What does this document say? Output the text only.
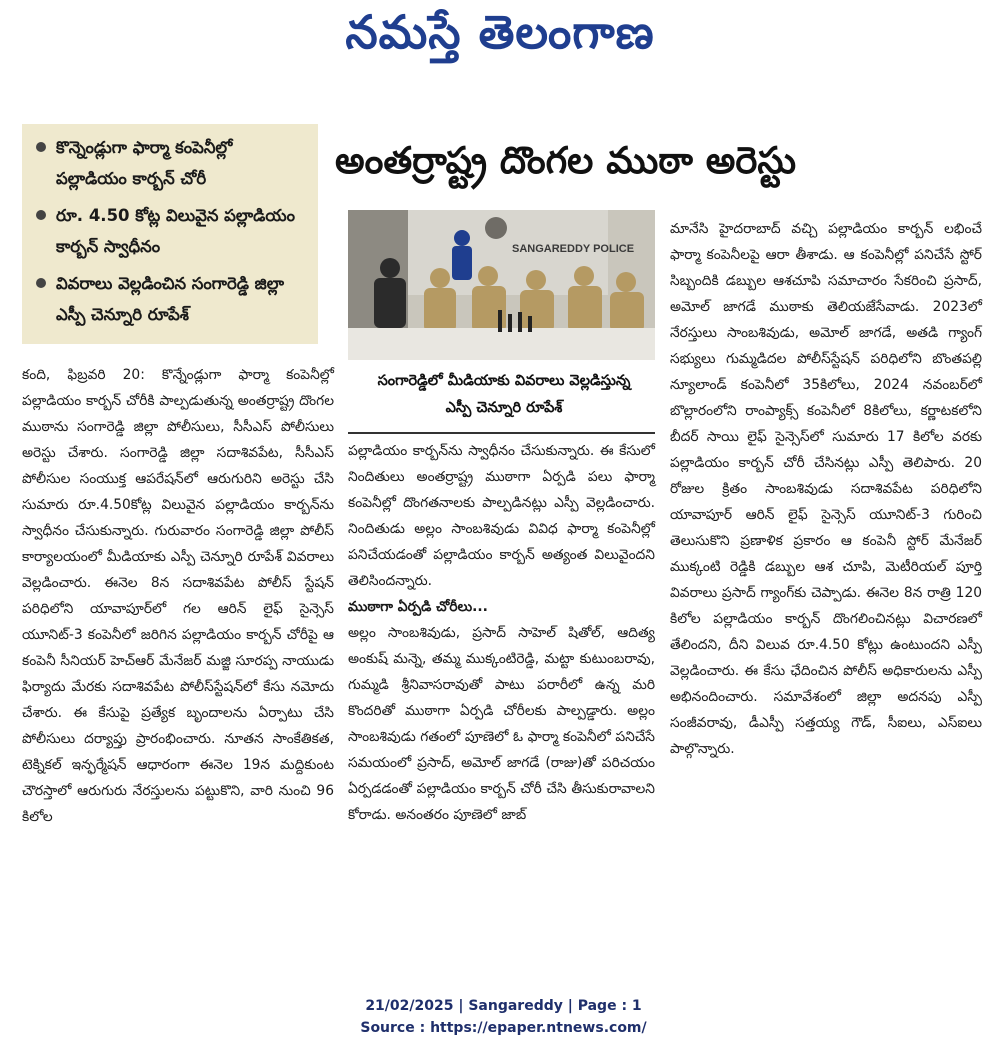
నమస్తే తెలంగాణ
కొన్నెండ్లుగా ఫార్మా కంపెనీల్లో పల్లాడియం కార్బన్ చోరీ
రూ. 4.50 కోట్ల విలువైన పల్లాడియం కార్బన్ స్వాధీనం
వివరాలు వెల్లడించిన సంగారెడ్డి జిల్లా ఎస్పీ చెన్నూరి రూపేశ్
అంతర్రాష్ట్ర దొంగల ముఠా అరెస్టు
SANGAREDDY POLICE
సంగారెడ్డిలో మీడియాకు వివరాలు వెల్లడిస్తున్న ఎస్పీ చెన్నూరి రూపేశ్

కంది, ఫిబ్రవరి 20: కొన్నేండ్లుగా ఫార్మా కంపెనీల్లో పల్లాడియం కార్బన్ చోరీకి పాల్పడుతున్న అంతర్రాష్ట్ర దొంగల ముఠాను సంగారెడ్డి జిల్లా పోలీసులు, సీసీఎస్ పోలీసులు అరెస్టు చేశారు. సంగారెడ్డి జిల్లా సదాశివపేట, సీసీఎస్ పోలీసుల సంయుక్త ఆపరేషన్‌లో ఆరుగురిని అరెస్టు చేసి సుమారు రూ.4.50కోట్ల విలువైన పల్లాడియం కార్బన్‌ను స్వాధీనం చేసుకున్నారు. గురువారం సంగారెడ్డి జిల్లా పోలీస్ కార్యాలయంలో మీడియాకు ఎస్పీ చెన్నూరి రూపేశ్ వివరాలు వెల్లడించారు. ఈనెల 8న సదాశివపేట పోలీస్ స్టేషన్ పరిధిలోని యావాపూర్‌లో గల ఆరిన్ లైఫ్ సైన్సెస్ యూనిట్-3 కంపెనీలో జరిగిన పల్లాడియం కార్బన్ చోరీపై ఆ కంపెనీ సీనియర్ హెచ్‌ఆర్ మేనేజర్ మజ్జి సూరప్ప నాయుడు ఫిర్యాదు మేరకు సదాశివపేట పోలీస్‌స్టేషన్‌లో కేసు నమోదు చేశారు. ఈ కేసుపై ప్రత్యేక బృందాలను ఏర్పాటు చేసి పోలీసులు దర్యాప్తు ప్రారంభించారు. నూతన సాంకేతికత, టెక్నికల్ ఇన్ఫర్మేషన్ ఆధారంగా ఈనెల 19న మద్దికుంట చౌరస్తాలో ఆరుగురు నేరస్తులను పట్టుకొని, వారి నుంచి 96 కిలోల

పల్లాడియం కార్బన్‌ను స్వాధీనం చేసుకున్నారు. ఈ కేసులో నిందితులు అంతర్రాష్ట్ర ముఠాగా ఏర్పడి పలు ఫార్మా కంపెనీల్లో దొంగతనాలకు పాల్పడినట్లు ఎస్పీ వెల్లడించారు. నిందితుడు అల్లం సాంబశివుడు వివిధ ఫార్మా కంపెనీల్లో పనిచేయడంతో పల్లాడియం కార్బన్ అత్యంత విలువైందని తెలిసిందన్నారు.

ముఠాగా ఏర్పడి చోరీలు...

అల్లం సాంబశివుడు, ప్రసాద్ సాహెల్ షితోల్, ఆదిత్య అంకుష్ మన్నె, తమ్మ ముక్కంటిరెడ్డి, మట్టా కుటుంబరావు, గుమ్మడి శ్రీనివాసరావుతో పాటు పరారీలో ఉన్న మరి కొందరితో ముఠాగా ఏర్పడి చోరీలకు పాల్పడ్డారు. అల్లం సాంబశివుడు గతంలో పూణెలో ఓ ఫార్మా కంపెనీలో పనిచేసే సమయంలో ప్రసాద్, అమోల్ జాగడే (రాజు)తో పరిచయం ఏర్పడడంతో పల్లాడియం కార్బన్ చోరీ చేసి తీసుకురావాలని కోరాడు. అనంతరం పూణెలో జాబ్

మానేసి హైదరాబాద్ వచ్చి పల్లాడియం కార్బన్ లభించే ఫార్మా కంపెనీలపై ఆరా తీశాడు. ఆ కంపెనీల్లో పనిచేసే స్టోర్ సిబ్బందికి డబ్బుల ఆశచూపి సమాచారం సేకరించి ప్రసాద్, అమోల్ జాగడే ముఠాకు తెలియజేసేవాడు. 2023లో నేరస్తులు సాంబశివుడు, అమోల్ జాగడే, అతడి గ్యాంగ్ సభ్యులు గుమ్మడిదల పోలీస్‌స్టేషన్ పరిధిలోని బొంతపల్లి న్యూలాండ్ కంపెనీలో 35కిలోలు, 2024 నవంబర్‌లో బొల్లారంలోని రాంప్యాక్స్ కంపెనీలో 8కిలోలు, కర్ణాటకలోని బీదర్ సాయి లైఫ్ సైన్సెస్‌లో సుమారు 17 కిలోల వరకు పల్లాడియం కార్బన్ చోరీ చేసినట్లు ఎస్పీ తెలిపారు. 20 రోజుల క్రితం సాంబశివుడు సదాశివపేట పరిధిలోని యావాపూర్ ఆరిన్ లైఫ్ సైన్సెస్ యూనిట్-3 గురించి తెలుసుకొని ప్రణాళిక ప్రకారం ఆ కంపెనీ స్టోర్ మేనేజర్ ముక్కంటి రెడ్డికి డబ్బుల ఆశ చూపి, మెటీరియల్ పూర్తి వివరాలు ప్రసాద్ గ్యాంగ్‌కు చెప్పాడు. ఈనెల 8న రాత్రి 120 కిలోల పల్లాడియం కార్బన్ దొంగలించినట్లు విచారణలో తేలిందని, దీని విలువ రూ.4.50 కోట్లు ఉంటుందని ఎస్పీ వెల్లడించారు. ఈ కేసు ఛేదించిన పోలీస్ అధికారులను ఎస్పీ అభినందించారు. సమావేశంలో జిల్లా అదనపు ఎస్పీ సంజీవరావు, డీఎస్పీ సత్తయ్య గౌడ్, సీఐలు, ఎస్ఐలు పాల్గొన్నారు.

21/02/2025 | Sangareddy | Page : 1
Source : https://epaper.ntnews.com/
